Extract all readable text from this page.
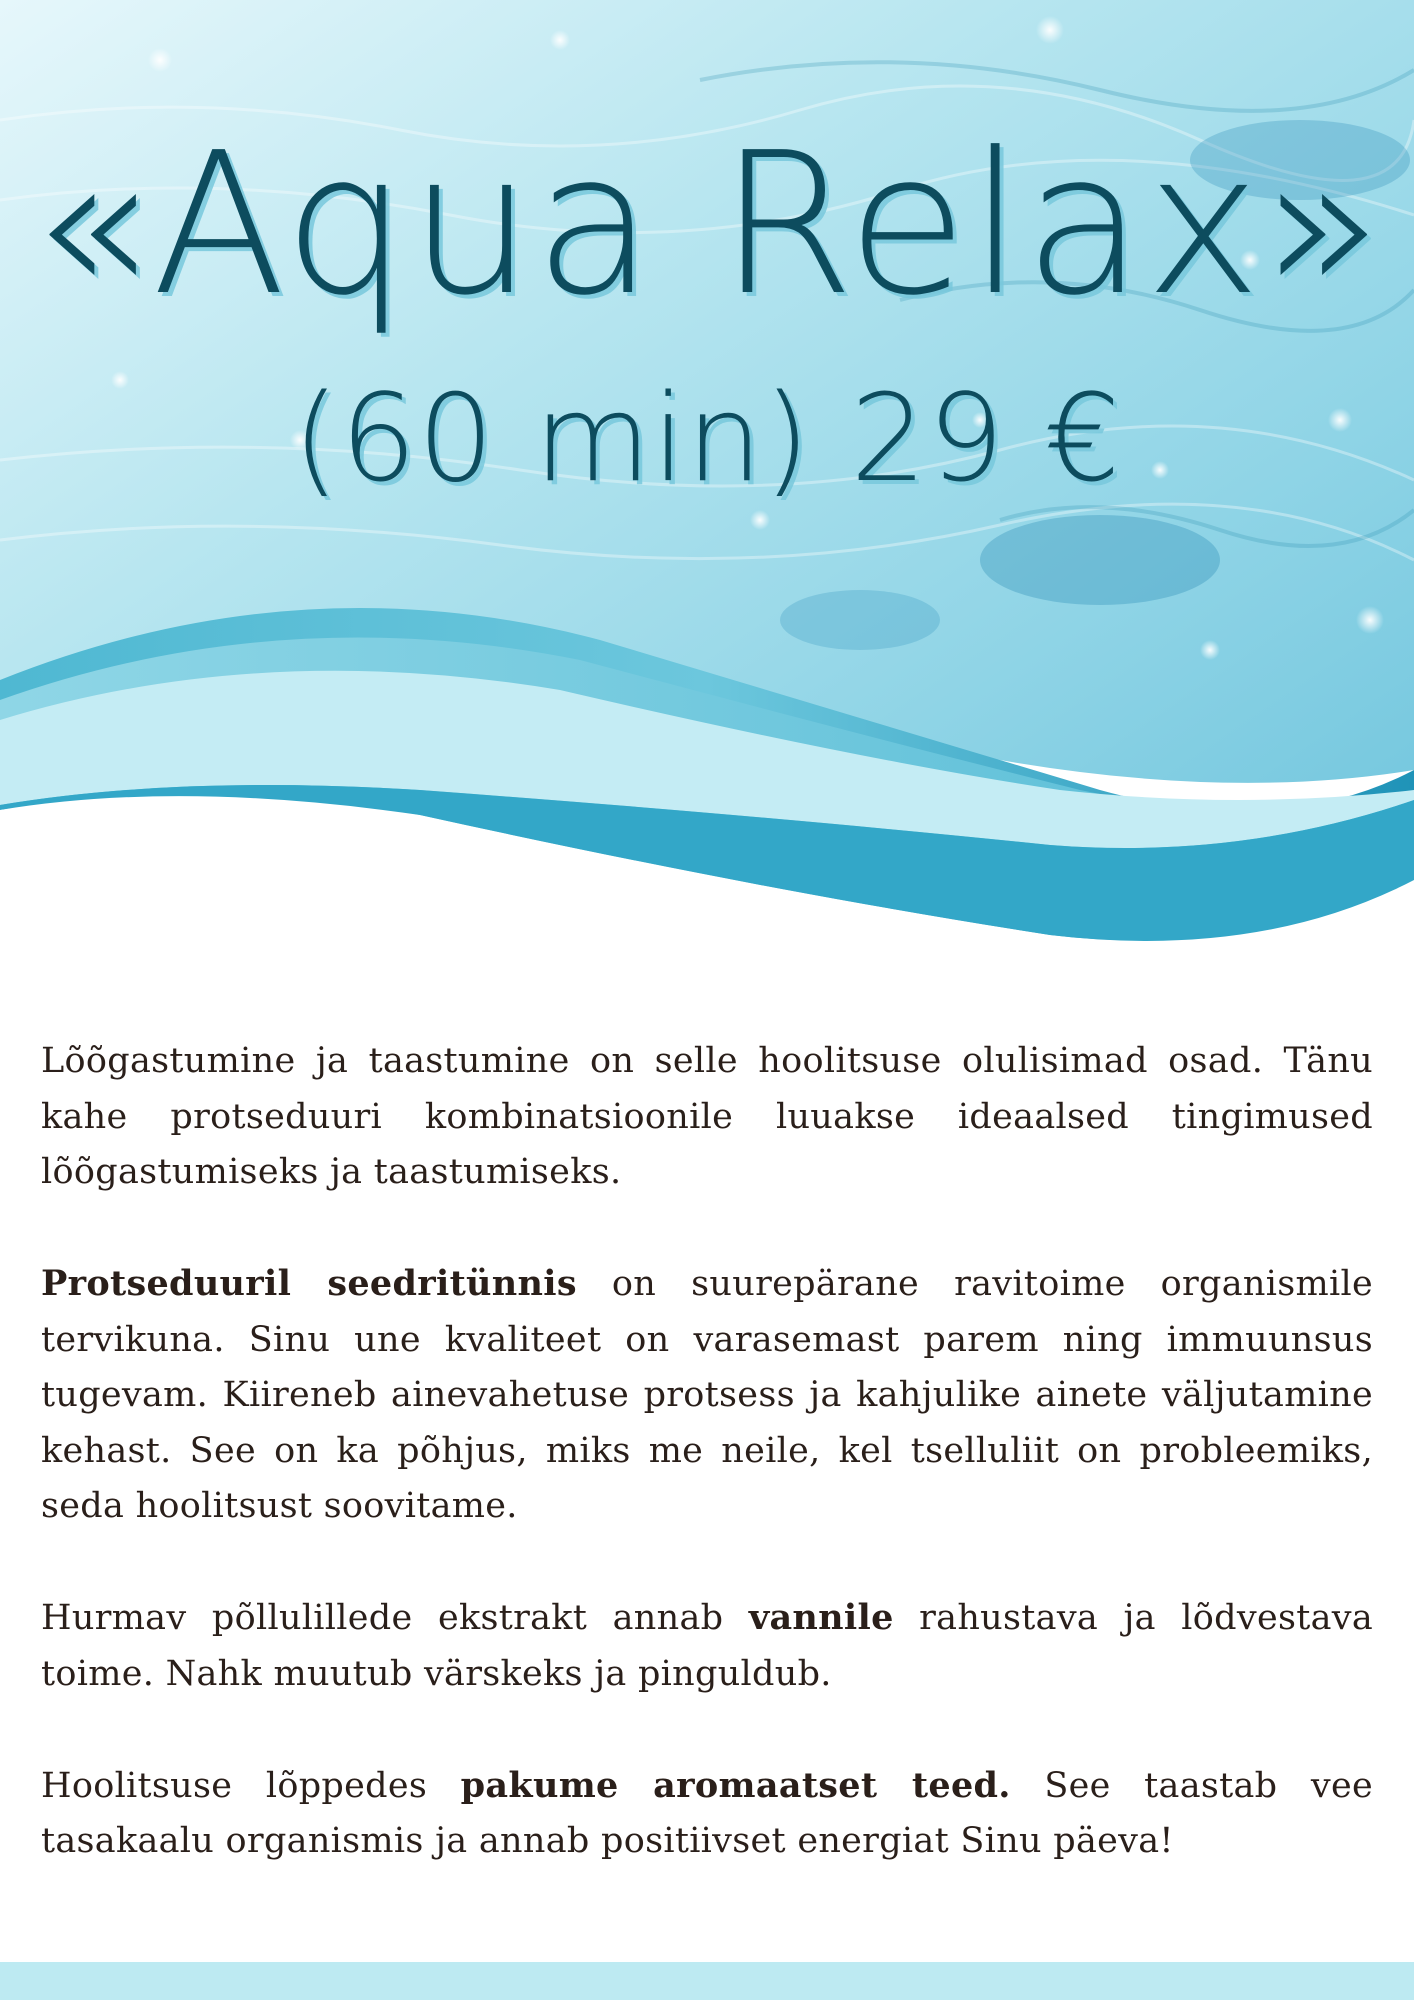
«Aqua Relax»
(60 min) 29 €

Lõõgastumine ja taastumine on selle hoolitsuse olulisimad osad. Tänu kahe protseduuri kombinatsioonile luuakse ideaalsed tingimused lõõgastumiseks ja taastumiseks.

Protseduuril seedritünnis on suurepärane ravitoime organismile tervikuna. Sinu une kvaliteet on varasemast parem ning immuunsus tugevam. Kiireneb ainevahetuse protsess ja kahjulike ainete väljutamine kehast. See on ka põhjus, miks me neile, kel tselluliit on probleemiks, seda hoolitsust soovitame.

Hurmav põllulillede ekstrakt annab vannile rahustava ja lõdvestava toime. Nahk muutub värskeks ja pinguldub.

Hoolitsuse lõppedes pakume aromaatset teed. See taastab vee tasakaalu organismis ja annab positiivset energiat Sinu päeva!
